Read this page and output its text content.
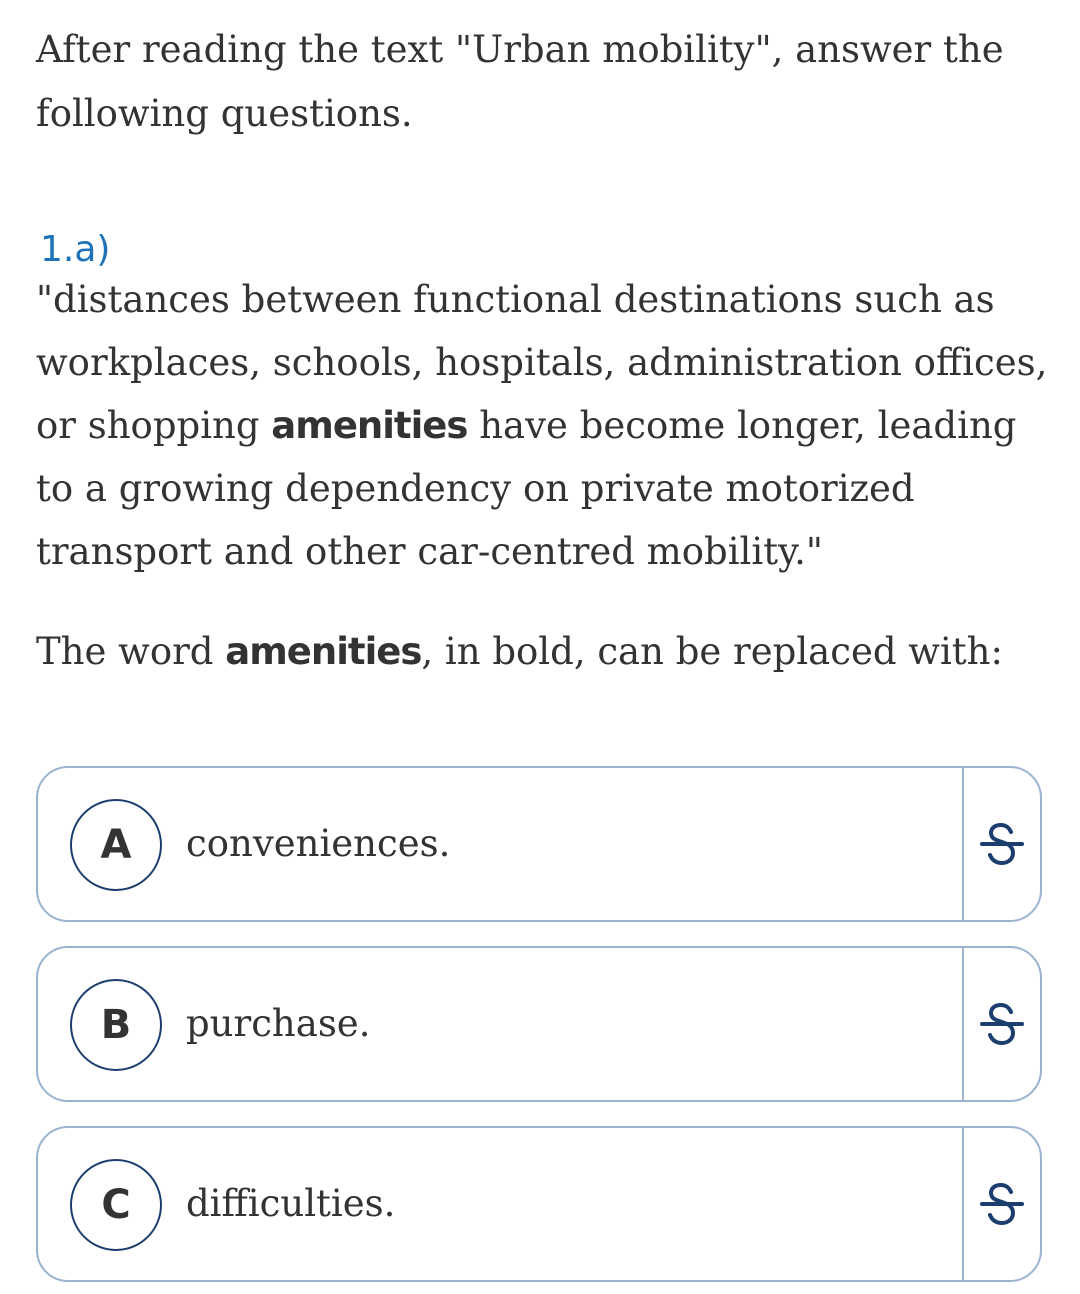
After reading the text "Urban mobility", answer the following questions.

1.a)

"distances between functional destinations such as workplaces, schools, hospitals, administration offices, or shopping amenities have become longer, leading to a growing dependency on private motorized transport and other car-centred mobility."

The word amenities, in bold, can be replaced with:

A	conveniences.
B	purchase.
C	difficulties.
